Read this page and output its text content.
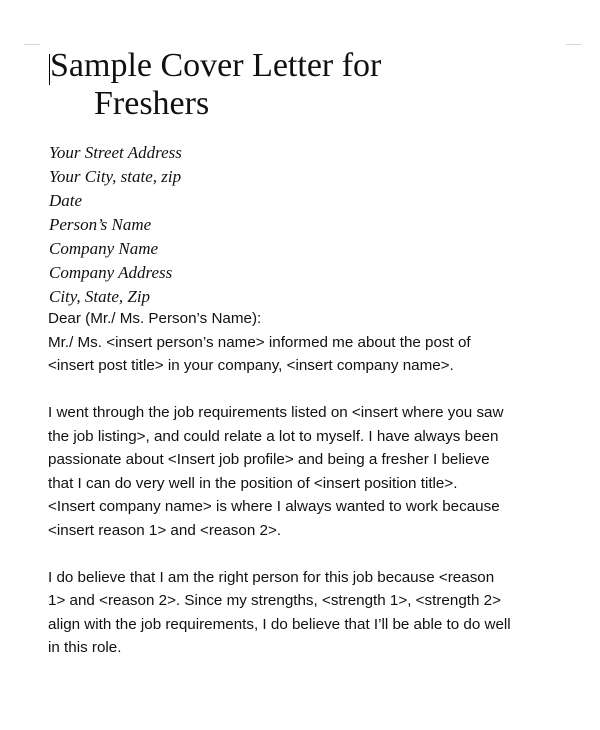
Sample Cover Letter for
Freshers
Your Street Address
Your City, state, zip
Date
Person’s Name
Company Name
Company Address
City, State, Zip

Dear (Mr./ Ms. Person’s Name):

Mr./ Ms. <insert person’s name> informed me about the post of

<insert post title> in your company, <insert company name>.

I went through the job requirements listed on <insert where you saw

the job listing>, and could relate a lot to myself. I have always been

passionate about <Insert job profile> and being a fresher I believe

that I can do very well in the position of <insert position title>.

<Insert company name> is where I always wanted to work because

<insert reason 1> and <reason 2>.

I do believe that I am the right person for this job because <reason

1> and <reason 2>. Since my strengths, <strength 1>, <strength 2>

align with the job requirements, I do believe that I’ll be able to do well

in this role.
